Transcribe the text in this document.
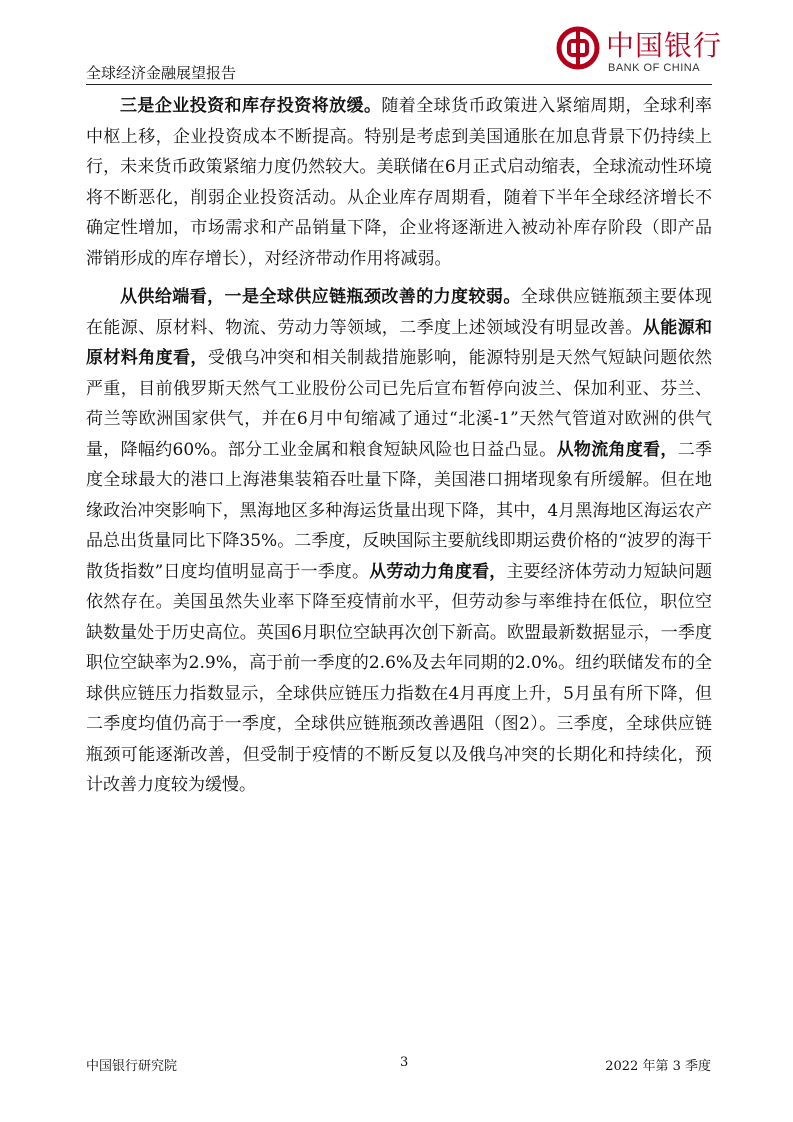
中国银行
BANK OF CHINA
全球经济金融展望报告

三是企业投资和库存投资将放缓。随着全球货币政策进入紧缩周期，全球利率中枢上移，企业投资成本不断提高。特别是考虑到美国通胀在加息背景下仍持续上行，未来货币政策紧缩力度仍然较大。美联储在6月正式启动缩表，全球流动性环境将不断恶化，削弱企业投资活动。从企业库存周期看，随着下半年全球经济增长不确定性增加，市场需求和产品销量下降，企业将逐渐进入被动补库存阶段（即产品滞销形成的库存增长），对经济带动作用将减弱。

从供给端看，一是全球供应链瓶颈改善的力度较弱。全球供应链瓶颈主要体现在能源、原材料、物流、劳动力等领域，二季度上述领域没有明显改善。从能源和原材料角度看，受俄乌冲突和相关制裁措施影响，能源特别是天然气短缺问题依然严重，目前俄罗斯天然气工业股份公司已先后宣布暂停向波兰、保加利亚、芬兰、荷兰等欧洲国家供气，并在6月中旬缩减了通过“北溪-1”天然气管道对欧洲的供气量，降幅约60%。部分工业金属和粮食短缺风险也日益凸显。从物流角度看，二季度全球最大的港口上海港集装箱吞吐量下降，美国港口拥堵现象有所缓解。但在地缘政治冲突影响下，黑海地区多种海运货量出现下降，其中，4月黑海地区海运农产品总出货量同比下降35%。二季度，反映国际主要航线即期运费价格的“波罗的海干散货指数”日度均值明显高于一季度。从劳动力角度看，主要经济体劳动力短缺问题依然存在。美国虽然失业率下降至疫情前水平，但劳动参与率维持在低位，职位空缺数量处于历史高位。英国6月职位空缺再次创下新高。欧盟最新数据显示，一季度职位空缺率为2.9%，高于前一季度的2.6%及去年同期的2.0%。纽约联储发布的全球供应链压力指数显示，全球供应链压力指数在4月再度上升，5月虽有所下降，但二季度均值仍高于一季度，全球供应链瓶颈改善遇阻（图2）。三季度，全球供应链瓶颈可能逐渐改善，但受制于疫情的不断反复以及俄乌冲突的长期化和持续化，预计改善力度较为缓慢。

中国银行研究院	3	2022 年第 3 季度
